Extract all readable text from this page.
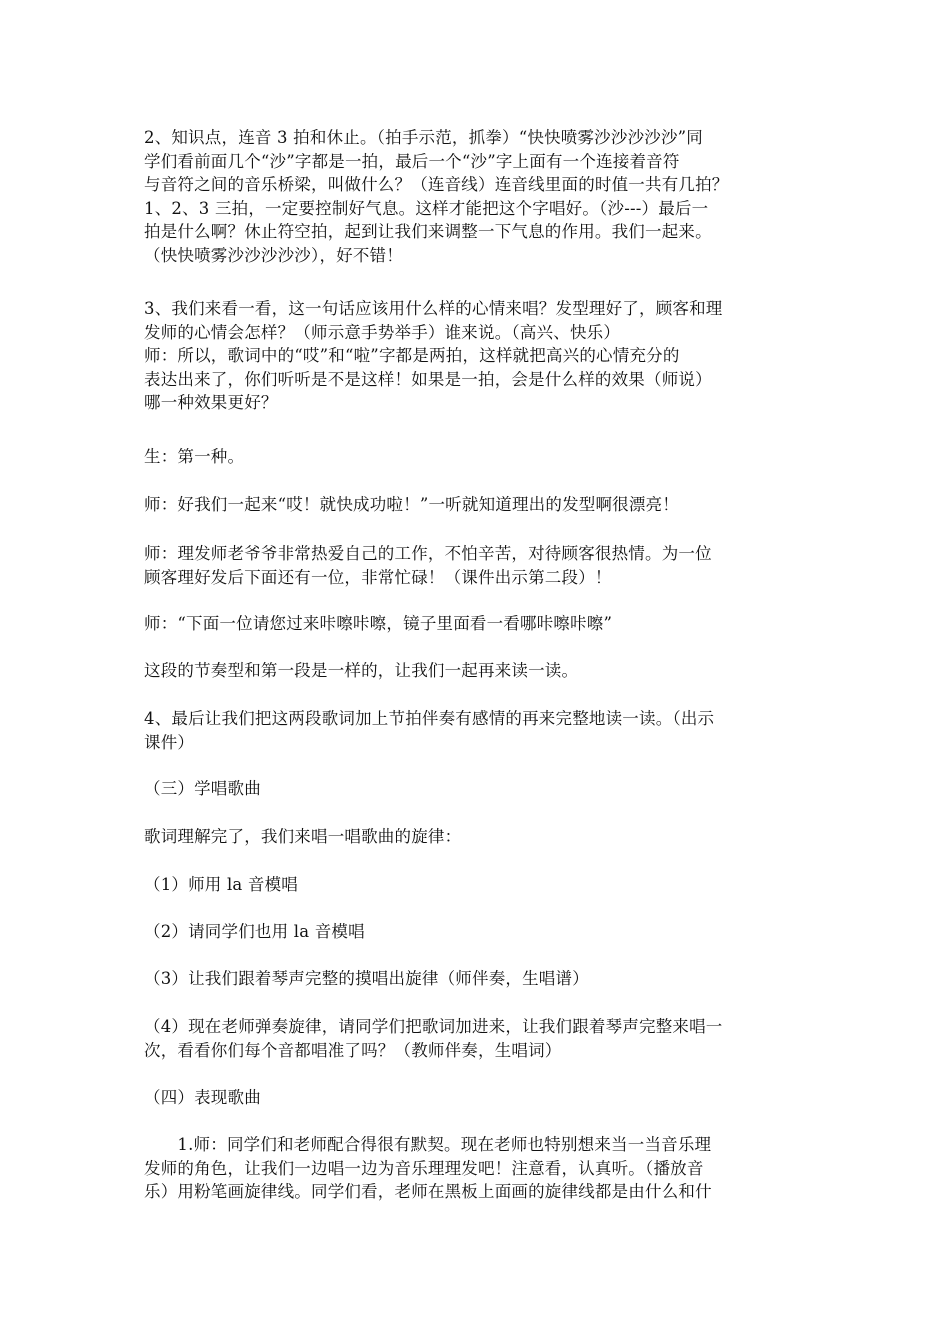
2、知识点，连音 3 拍和休止。（拍手示范，抓拳）“快快喷雾沙沙沙沙沙”同
学们看前面几个“沙”字都是一拍，最后一个“沙”字上面有一个连接着音符
与音符之间的音乐桥梁，叫做什么？（连音线）连音线里面的时值一共有几拍？
1、2、3 三拍，一定要控制好气息。这样才能把这个字唱好。（沙---）最后一
拍是什么啊？休止符空拍，起到让我们来调整一下气息的作用。我们一起来。
（快快喷雾沙沙沙沙沙），好不错！
3、我们来看一看，这一句话应该用什么样的心情来唱？发型理好了，顾客和理
发师的心情会怎样？（师示意手势举手）谁来说。（高兴、快乐）
师：所以，歌词中的“哎”和“啦”字都是两拍，这样就把高兴的心情充分的
表达出来了，你们听听是不是这样！如果是一拍，会是什么样的效果（师说）
哪一种效果更好？
生：第一种。
师：好我们一起来“哎！就快成功啦！”一听就知道理出的发型啊很漂亮！
师：理发师老爷爷非常热爱自己的工作，不怕辛苦，对待顾客很热情。为一位
顾客理好发后下面还有一位，非常忙碌！（课件出示第二段）！
师：“下面一位请您过来咔嚓咔嚓，镜子里面看一看哪咔嚓咔嚓”
这段的节奏型和第一段是一样的，让我们一起再来读一读。
4、最后让我们把这两段歌词加上节拍伴奏有感情的再来完整地读一读。（出示
课件）
（三）学唱歌曲
歌词理解完了，我们来唱一唱歌曲的旋律：
（1）师用 la 音模唱
（2）请同学们也用 la 音模唱
（3）让我们跟着琴声完整的摸唱出旋律（师伴奏，生唱谱）
（4）现在老师弹奏旋律，请同学们把歌词加进来，让我们跟着琴声完整来唱一
次，看看你们每个音都唱准了吗？（教师伴奏，生唱词）
（四）表现歌曲
　　1.师：同学们和老师配合得很有默契。现在老师也特别想来当一当音乐理
发师的角色，让我们一边唱一边为音乐理理发吧！注意看，认真听。（播放音
乐）用粉笔画旋律线。同学们看，老师在黑板上面画的旋律线都是由什么和什
